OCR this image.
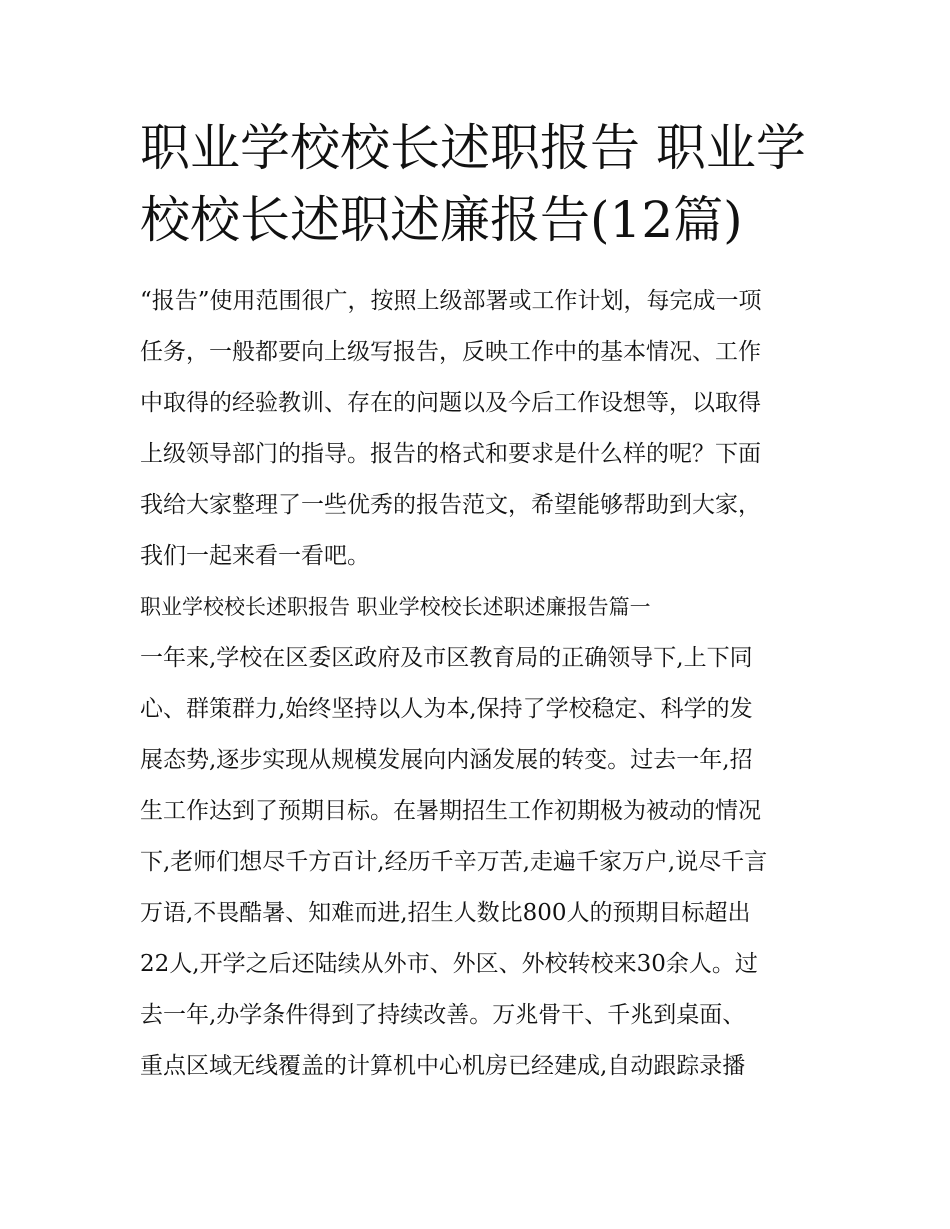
职业学校校长述职报告 职业学
校校长述职述廉报告(12篇)
“报告”使用范围很广，按照上级部署或工作计划，每完成一项
任务，一般都要向上级写报告，反映工作中的基本情况、工作
中取得的经验教训、存在的问题以及今后工作设想等，以取得
上级领导部门的指导。报告的格式和要求是什么样的呢？下面
我给大家整理了一些优秀的报告范文，希望能够帮助到大家，
我们一起来看一看吧。
职业学校校长述职报告 职业学校校长述职述廉报告篇一
一年来,学校在区委区政府及市区教育局的正确领导下,上下同
心、群策群力,始终坚持以人为本,保持了学校稳定、科学的发
展态势,逐步实现从规模发展向内涵发展的转变。过去一年,招
生工作达到了预期目标。在暑期招生工作初期极为被动的情况
下,老师们想尽千方百计,经历千辛万苦,走遍千家万户,说尽千言
万语,不畏酷暑、知难而进,招生人数比800人的预期目标超出
22人,开学之后还陆续从外市、外区、外校转校来30余人。过
去一年,办学条件得到了持续改善。万兆骨干、千兆到桌面、
重点区域无线覆盖的计算机中心机房已经建成,自动跟踪录播
